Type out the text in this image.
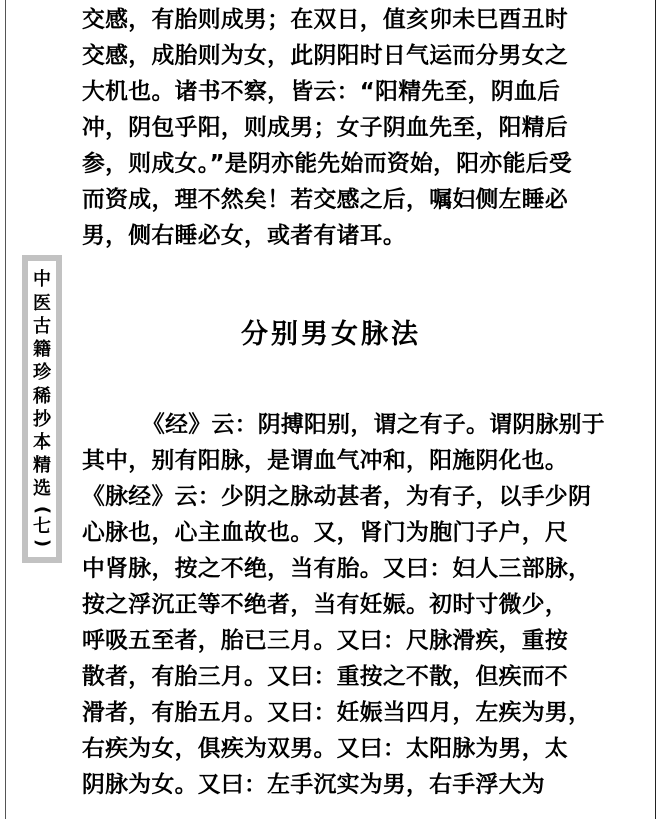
中
医
古
籍
珍
稀
抄
本
精
选
(
七
)
交感，有胎则成男；在双日，值亥卯未巳酉丑时
交感，成胎则为女，此阴阳时日气运而分男女之
大机也。诸书不察，皆云：“阳精先至，阴血后
冲，阴包乎阳，则成男；女子阴血先至，阳精后
参，则成女。”是阴亦能先始而资始，阳亦能后受
而资成，理不然矣！若交感之后，嘱妇侧左睡必
男，侧右睡必女，或者有诸耳。
分别男女脉法
《经》云：阴搏阳别，谓之有子。谓阴脉别于
其中，别有阳脉，是谓血气冲和，阳施阴化也。
《脉经》云：少阴之脉动甚者，为有子，以手少阴
心脉也，心主血故也。又，肾门为胞门子户，尺
中肾脉，按之不绝，当有胎。又曰：妇人三部脉，
按之浮沉正等不绝者，当有妊娠。初时寸微少，
呼吸五至者，胎已三月。又曰：尺脉滑疾，重按
散者，有胎三月。又曰：重按之不散，但疾而不
滑者，有胎五月。又曰：妊娠当四月，左疾为男，
右疾为女，俱疾为双男。又曰：太阳脉为男，太
阴脉为女。又曰：左手沉实为男，右手浮大为
